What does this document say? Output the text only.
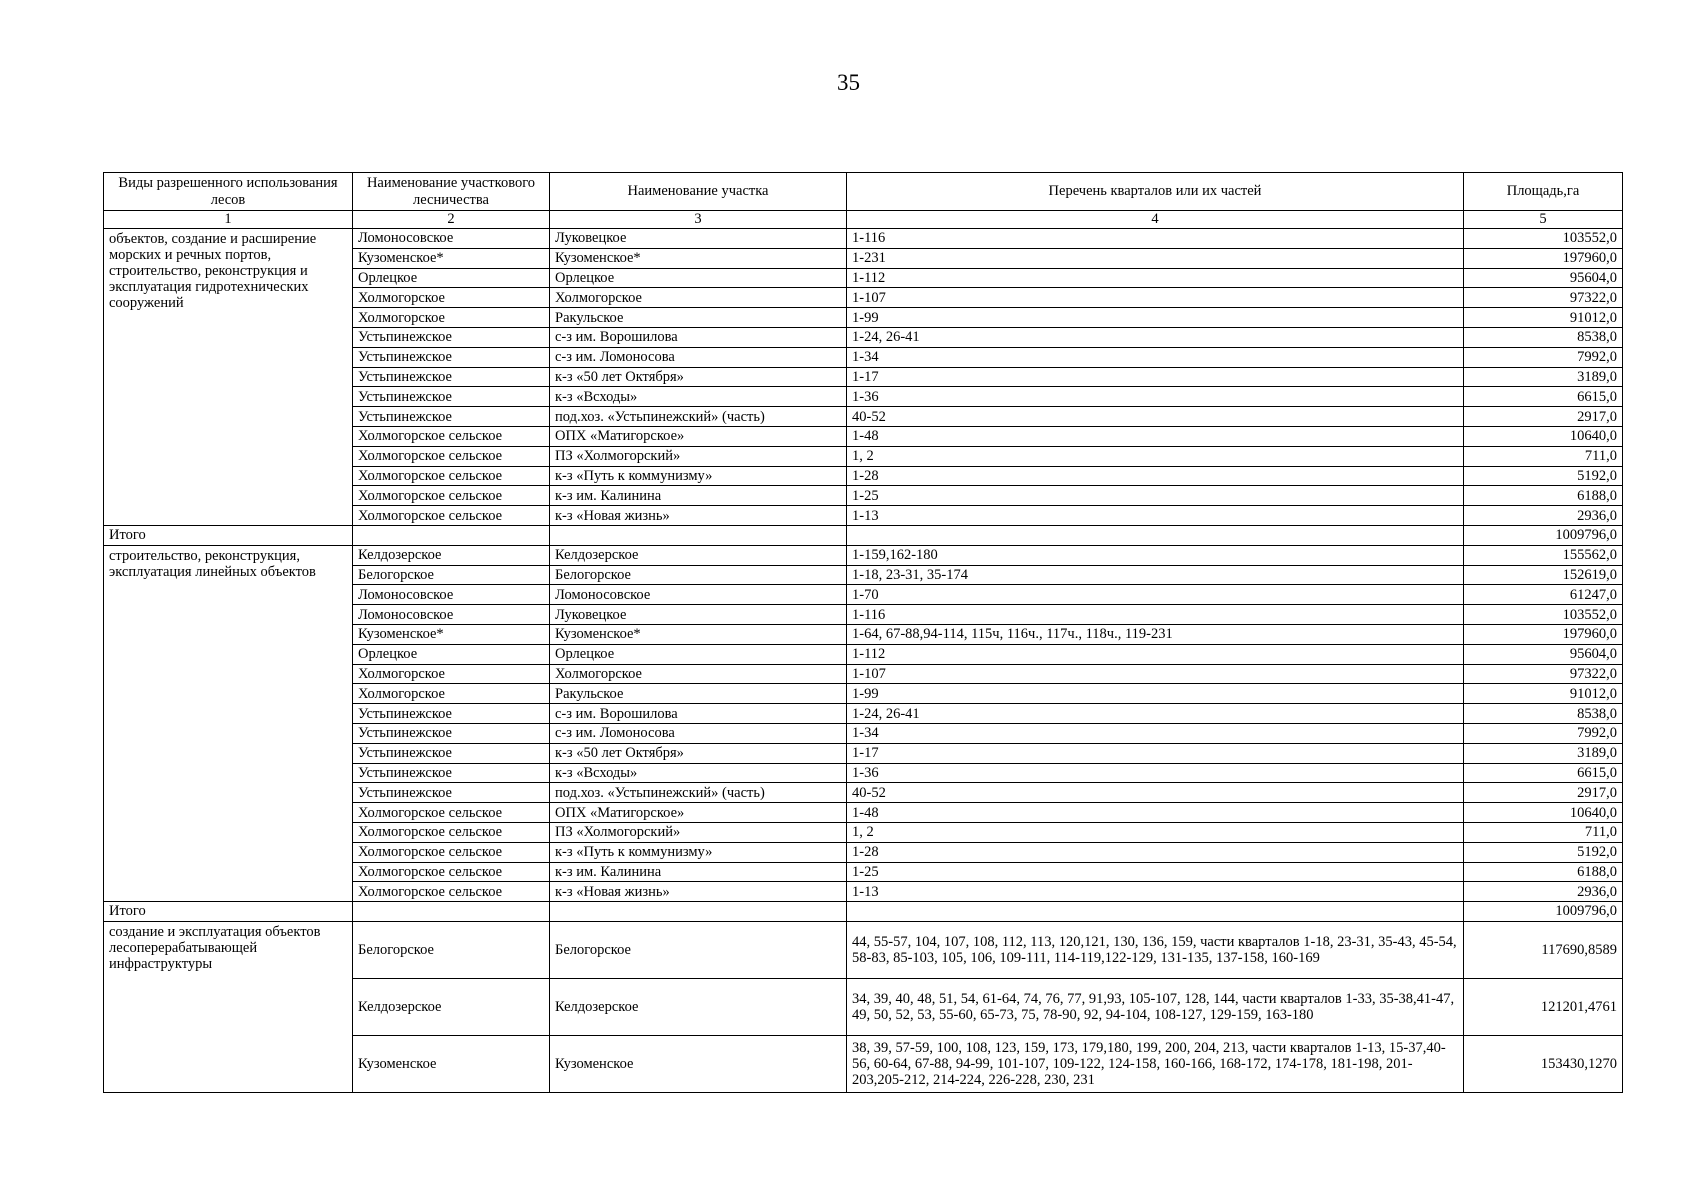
35
Виды разрешенного использования лесов	Наименование участкового лесничества	Наименование участка	Перечень кварталов или их частей	Площадь,га
1	2	3	4	5
объектов, создание и расширение морских и речных портов, строительство, реконструкция и эксплуатация гидротехнических сооружений	Ломоносовское	Луковецкое	1-116	103552,0
	Кузоменское*	Кузоменское*	1-231	197960,0
	Орлецкое	Орлецкое	1-112	95604,0
	Холмогорское	Холмогорское	1-107	97322,0
	Холмогорское	Ракульское	1-99	91012,0
	Устьпинежское	с-з им. Ворошилова	1-24, 26-41	8538,0
	Устьпинежское	с-з им. Ломоносова	1-34	7992,0
	Устьпинежское	к-з «50 лет Октября»	1-17	3189,0
	Устьпинежское	к-з «Всходы»	1-36	6615,0
	Устьпинежское	под.хоз. «Устьпинежский» (часть)	40-52	2917,0
	Холмогорское сельское	ОПХ «Матигорское»	1-48	10640,0
	Холмогорское сельское	ПЗ «Холмогорский»	1, 2	711,0
	Холмогорское сельское	к-з «Путь к коммунизму»	1-28	5192,0
	Холмогорское сельское	к-з им. Калинина	1-25	6188,0
	Холмогорское сельское	к-з «Новая жизнь»	1-13	2936,0
Итого				1009796,0
строительство, реконструкция, эксплуатация линейных объектов	Келдозерское	Келдозерское	1-159,162-180	155562,0
	Белогорское	Белогорское	1-18, 23-31, 35-174	152619,0
	Ломоносовское	Ломоносовское	1-70	61247,0
	Ломоносовское	Луковецкое	1-116	103552,0
	Кузоменское*	Кузоменское*	1-64, 67-88,94-114, 115ч, 116ч., 117ч., 118ч., 119-231	197960,0
	Орлецкое	Орлецкое	1-112	95604,0
	Холмогорское	Холмогорское	1-107	97322,0
	Холмогорское	Ракульское	1-99	91012,0
	Устьпинежское	с-з им. Ворошилова	1-24, 26-41	8538,0
	Устьпинежское	с-з им. Ломоносова	1-34	7992,0
	Устьпинежское	к-з «50 лет Октября»	1-17	3189,0
	Устьпинежское	к-з «Всходы»	1-36	6615,0
	Устьпинежское	под.хоз. «Устьпинежский» (часть)	40-52	2917,0
	Холмогорское сельское	ОПХ «Матигорское»	1-48	10640,0
	Холмогорское сельское	ПЗ «Холмогорский»	1, 2	711,0
	Холмогорское сельское	к-з «Путь к коммунизму»	1-28	5192,0
	Холмогорское сельское	к-з им. Калинина	1-25	6188,0
	Холмогорское сельское	к-з «Новая жизнь»	1-13	2936,0
Итого				1009796,0
создание и эксплуатация объектов лесоперерабатывающей инфраструктуры	Белогорское	Белогорское	44, 55-57, 104, 107, 108, 112, 113, 120,121, 130, 136, 159, части кварталов 1-18, 23-31, 35-43, 45-54, 58-83, 85-103, 105, 106, 109-111, 114-119,122-129, 131-135, 137-158, 160-169	117690,8589
	Келдозерское	Келдозерское	34, 39, 40, 48, 51, 54, 61-64, 74, 76, 77, 91,93, 105-107, 128, 144, части кварталов 1-33, 35-38,41-47, 49, 50, 52, 53, 55-60, 65-73, 75, 78-90, 92, 94-104, 108-127, 129-159, 163-180	121201,4761
	Кузоменское	Кузоменское	38, 39, 57-59, 100, 108, 123, 159, 173, 179,180, 199, 200, 204, 213, части кварталов 1-13, 15-37,40-56, 60-64, 67-88, 94-99, 101-107, 109-122, 124-158, 160-166, 168-172, 174-178, 181-198, 201-203,205-212, 214-224, 226-228, 230, 231	153430,1270
